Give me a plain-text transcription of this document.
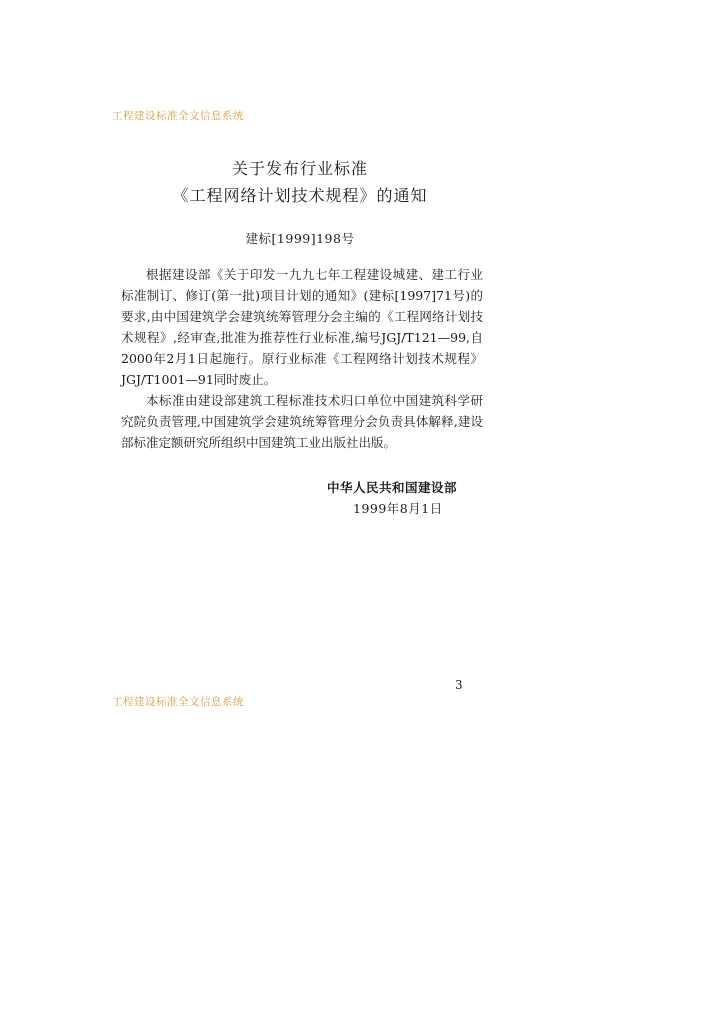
工程建设标准全文信息系统
关于发布行业标准
《工程网络计划技术规程》的通知
建标[1999]198号

根据建设部《关于印发一九九七年工程建设城建、建工行业标准制订、修订(第一批)项目计划的通知》(建标[1997]71号)的要求,由中国建筑学会建筑统筹管理分会主编的《工程网络计划技术规程》,经审查,批准为推荐性行业标准,编号JGJ/T121—99,自2000年2月1日起施行。原行业标准《工程网络计划技术规程》JGJ/T1001—91同时废止。

本标准由建设部建筑工程标准技术归口单位中国建筑科学研究院负责管理,中国建筑学会建筑统筹管理分会负责具体解释,建设部标准定额研究所组织中国建筑工业出版社出版。

中华人民共和国建设部
1999年8月1日
3
工程建设标准全文信息系统
